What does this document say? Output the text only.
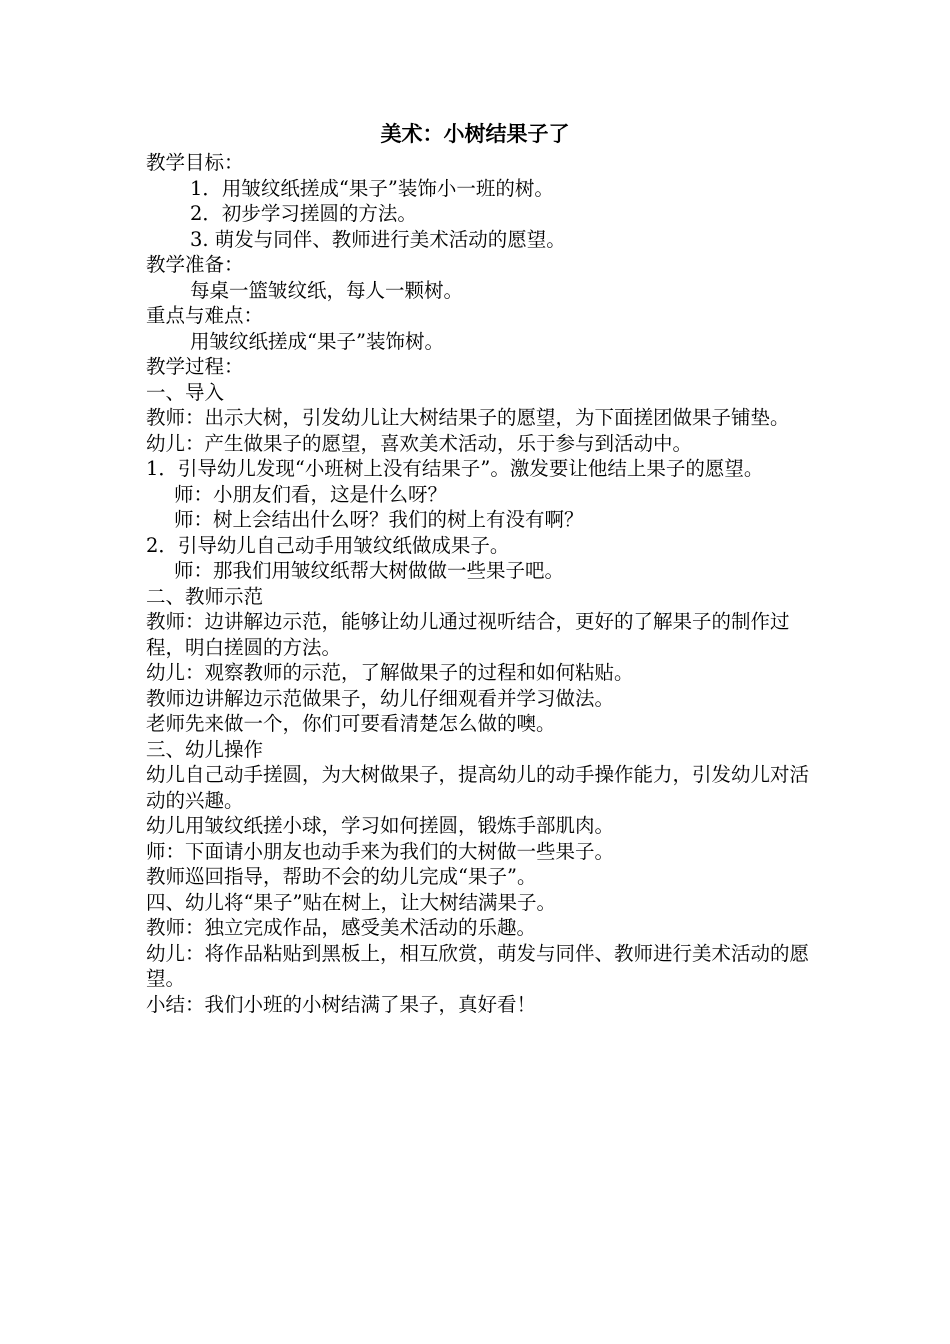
美术：小树结果子了
教学目标：
1．用皱纹纸搓成“果子”装饰小一班的树。
2．初步学习搓圆的方法。
3. 萌发与同伴、教师进行美术活动的愿望。
教学准备：
每桌一篮皱纹纸，每人一颗树。
重点与难点：
用皱纹纸搓成“果子”装饰树。
教学过程：
一、导入
教师：出示大树，引发幼儿让大树结果子的愿望，为下面搓团做果子铺垫。
幼儿：产生做果子的愿望，喜欢美术活动，乐于参与到活动中。
1．引导幼儿发现“小班树上没有结果子”。激发要让他结上果子的愿望。
师：小朋友们看，这是什么呀？
师：树上会结出什么呀？我们的树上有没有啊？
2．引导幼儿自己动手用皱纹纸做成果子。
师：那我们用皱纹纸帮大树做做一些果子吧。
二、教师示范
教师：边讲解边示范，能够让幼儿通过视听结合，更好的了解果子的制作过程，明白搓圆的方法。
幼儿：观察教师的示范，了解做果子的过程和如何粘贴。
教师边讲解边示范做果子，幼儿仔细观看并学习做法。
老师先来做一个，你们可要看清楚怎么做的噢。
三、幼儿操作
幼儿自己动手搓圆，为大树做果子，提高幼儿的动手操作能力，引发幼儿对活动的兴趣。
幼儿用皱纹纸搓小球，学习如何搓圆，锻炼手部肌肉。
师：下面请小朋友也动手来为我们的大树做一些果子。
教师巡回指导，帮助不会的幼儿完成“果子”。
四、幼儿将“果子”贴在树上，让大树结满果子。
教师：独立完成作品，感受美术活动的乐趣。
幼儿：将作品粘贴到黑板上，相互欣赏，萌发与同伴、教师进行美术活动的愿望。
小结：我们小班的小树结满了果子，真好看！
